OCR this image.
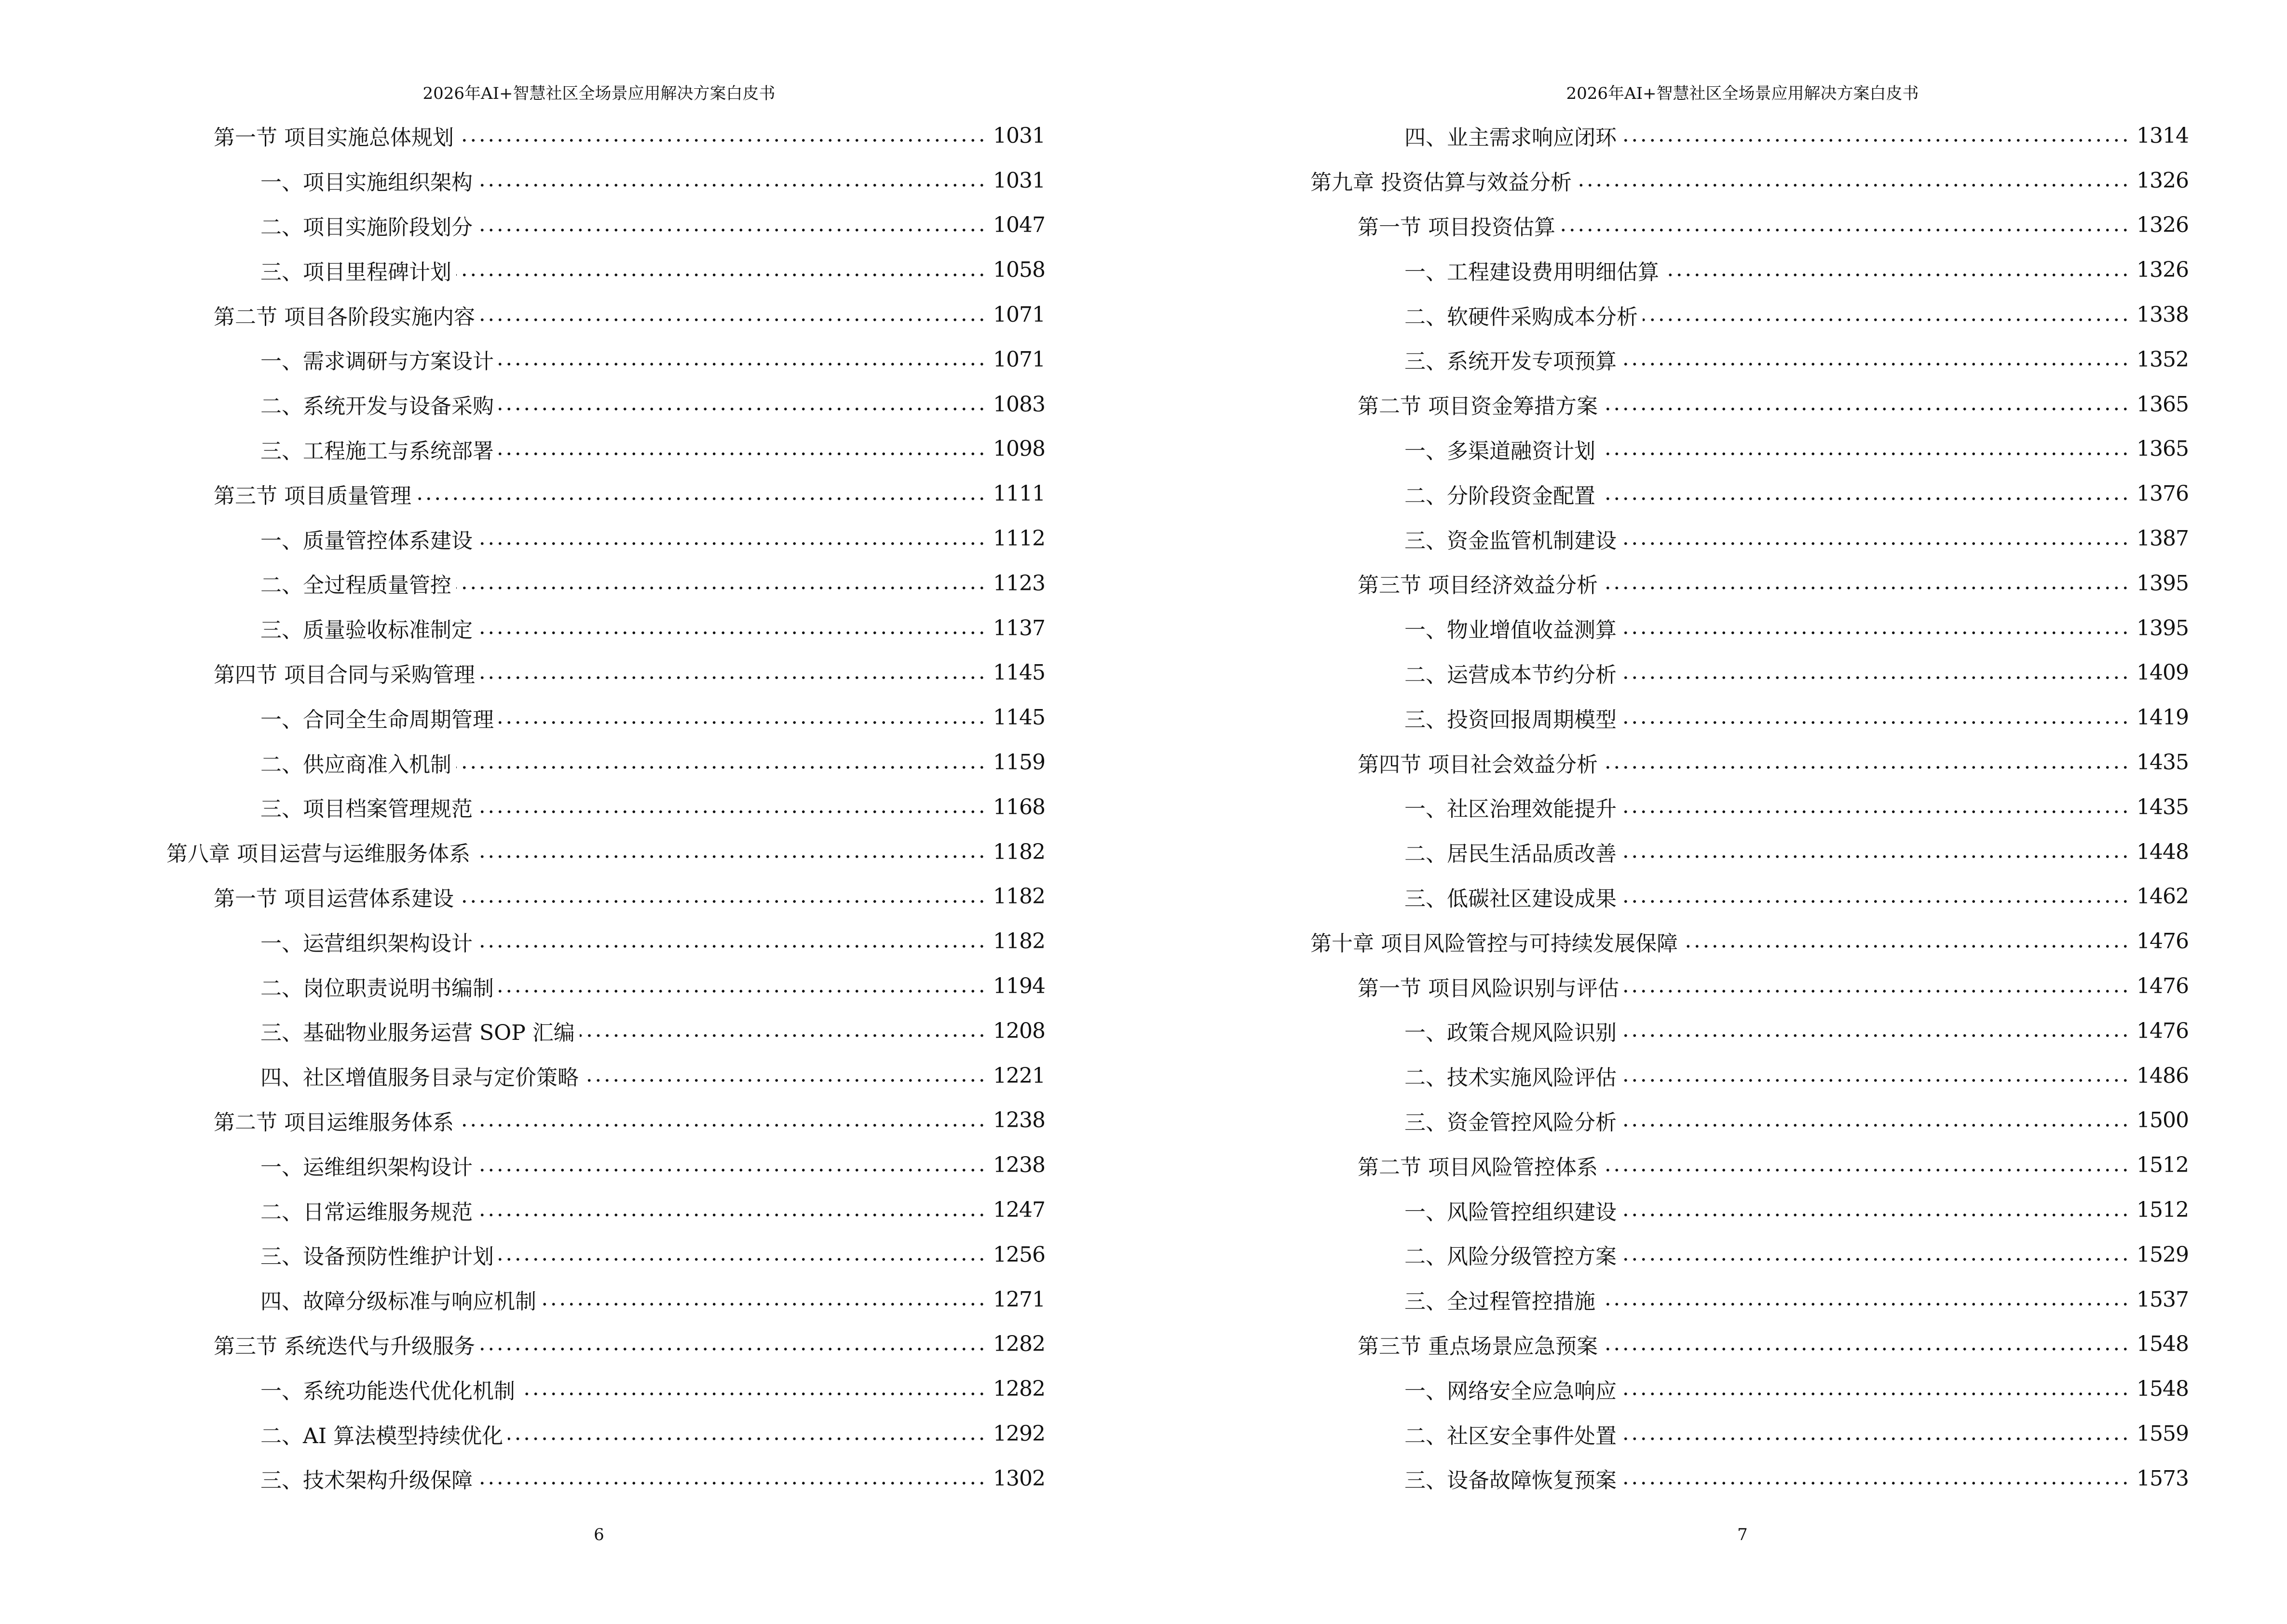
2026年AI+智慧社区全场景应用解决方案白皮书
第一节 项目实施总体规划	1031
一、项目实施组织架构	1031
二、项目实施阶段划分	1047
三、项目里程碑计划	1058
第二节 项目各阶段实施内容	1071
一、需求调研与方案设计	1071
二、系统开发与设备采购	1083
三、工程施工与系统部署	1098
第三节 项目质量管理	1111
一、质量管控体系建设	1112
二、全过程质量管控	1123
三、质量验收标准制定	1137
第四节 项目合同与采购管理	1145
一、合同全生命周期管理	1145
二、供应商准入机制	1159
三、项目档案管理规范	1168
第八章 项目运营与运维服务体系	1182
第一节 项目运营体系建设	1182
一、运营组织架构设计	1182
二、岗位职责说明书编制	1194
三、基础物业服务运营 SOP 汇编	1208
四、社区增值服务目录与定价策略	1221
第二节 项目运维服务体系	1238
一、运维组织架构设计	1238
二、日常运维服务规范	1247
三、设备预防性维护计划	1256
四、故障分级标准与响应机制	1271
第三节 系统迭代与升级服务	1282
一、系统功能迭代优化机制	1282
二、AI 算法模型持续优化	1292
三、技术架构升级保障	1302
6
2026年AI+智慧社区全场景应用解决方案白皮书
四、业主需求响应闭环	1314
第九章 投资估算与效益分析	1326
第一节 项目投资估算	1326
一、工程建设费用明细估算	1326
二、软硬件采购成本分析	1338
三、系统开发专项预算	1352
第二节 项目资金筹措方案	1365
一、多渠道融资计划	1365
二、分阶段资金配置	1376
三、资金监管机制建设	1387
第三节 项目经济效益分析	1395
一、物业增值收益测算	1395
二、运营成本节约分析	1409
三、投资回报周期模型	1419
第四节 项目社会效益分析	1435
一、社区治理效能提升	1435
二、居民生活品质改善	1448
三、低碳社区建设成果	1462
第十章 项目风险管控与可持续发展保障	1476
第一节 项目风险识别与评估	1476
一、政策合规风险识别	1476
二、技术实施风险评估	1486
三、资金管控风险分析	1500
第二节 项目风险管控体系	1512
一、风险管控组织建设	1512
二、风险分级管控方案	1529
三、全过程管控措施	1537
第三节 重点场景应急预案	1548
一、网络安全应急响应	1548
二、社区安全事件处置	1559
三、设备故障恢复预案	1573
7
